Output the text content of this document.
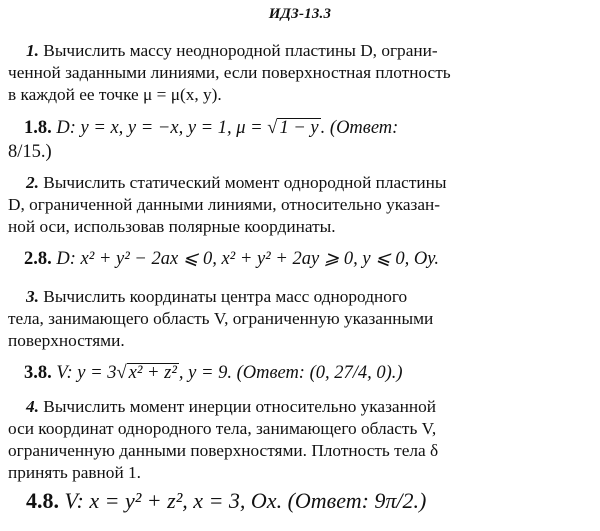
ИДЗ-13.3
1. Вычислить массу неоднородной пластины D, ограни-
ченной заданными линиями, если поверхностная плотность
в каждой ее точке μ = μ(x, y).
1.8. D: y = x, y = −x, y = 1, μ = √ 1 − y . (Ответ:
8/15.)
2. Вычислить статический момент однородной пластины
D, ограниченной данными линиями, относительно указан-
ной оси, использовав полярные координаты.
2.8. D: x² + y² − 2ax ⩽ 0, x² + y² + 2ay ⩾ 0, y ⩽ 0, Oy.
3. Вычислить координаты центра масс однородного
тела, занимающего область V, ограниченную указанными
поверхностями.
3.8. V: y = 3√ x² + z² , y = 9. (Ответ: (0, 27/4, 0).)
4. Вычислить момент инерции относительно указанной
оси координат однородного тела, занимающего область V,
ограниченную данными поверхностями. Плотность тела δ
принять равной 1.
4.8. V: x = y² + z², x = 3, Ox. (Ответ: 9π/2.)
